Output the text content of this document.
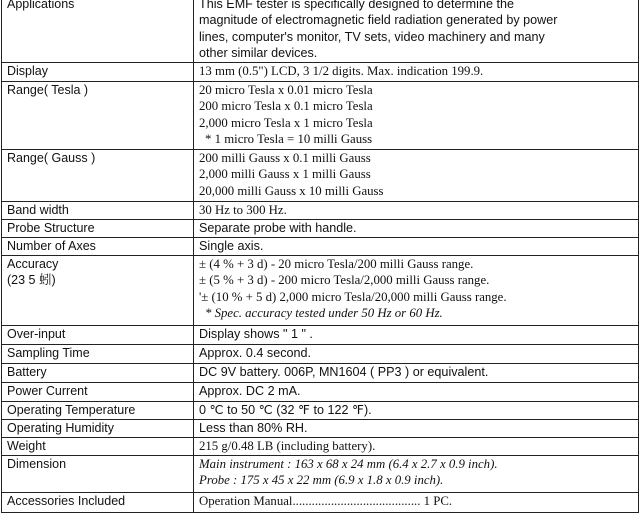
Applications	This EMF tester is specifically designed to determine the
magnitude of electromagnetic field radiation generated by power
lines, computer's monitor, TV sets, video machinery and many
other similar devices.

Display	13 mm (0.5") LCD, 3 1/2 digits. Max. indication 199.9.

Range( Tesla )	20 micro Tesla x 0.01 micro Tesla
200 micro Tesla x 0.1 micro Tesla
2,000 micro Tesla x 1 micro Tesla
* 1 micro Tesla = 10 milli Gauss

Range( Gauss )	200 milli Gauss x 0.1 milli Gauss
2,000 milli Gauss x 1 milli Gauss
20,000 milli Gauss x 10 milli Gauss

Band width	30 Hz to 300 Hz.

Probe Structure	Separate probe with handle.

Number of Axes	Single axis.

Accuracy
(23 5 蚓)	± (4 % + 3 d) - 20 micro Tesla/200 milli Gauss range.
± (5 % + 3 d) - 200 micro Tesla/2,000 milli Gauss range.
'± (10 % + 5 d) 2,000 micro Tesla/20,000 milli Gauss range.
* Spec. accuracy tested under 50 Hz or 60 Hz.

Over-input	Display shows " 1 " .

Sampling Time	Approx. 0.4 second.

Battery	DC 9V battery. 006P, MN1604 ( PP3 ) or equivalent.

Power Current	Approx. DC 2 mA.

Operating Temperature	0 ℃ to 50 ℃ (32 ℉ to 122 ℉).

Operating Humidity	Less than 80% RH.

Weight	215 g/0.48 LB (including battery).

Dimension	Main instrument : 163 x 68 x 24 mm (6.4 x 2.7 x 0.9 inch).
Probe : 175 x 45 x 22 mm (6.9 x 1.8 x 0.9 inch).

Accessories Included	Operation Manual........................................ 1 PC.
